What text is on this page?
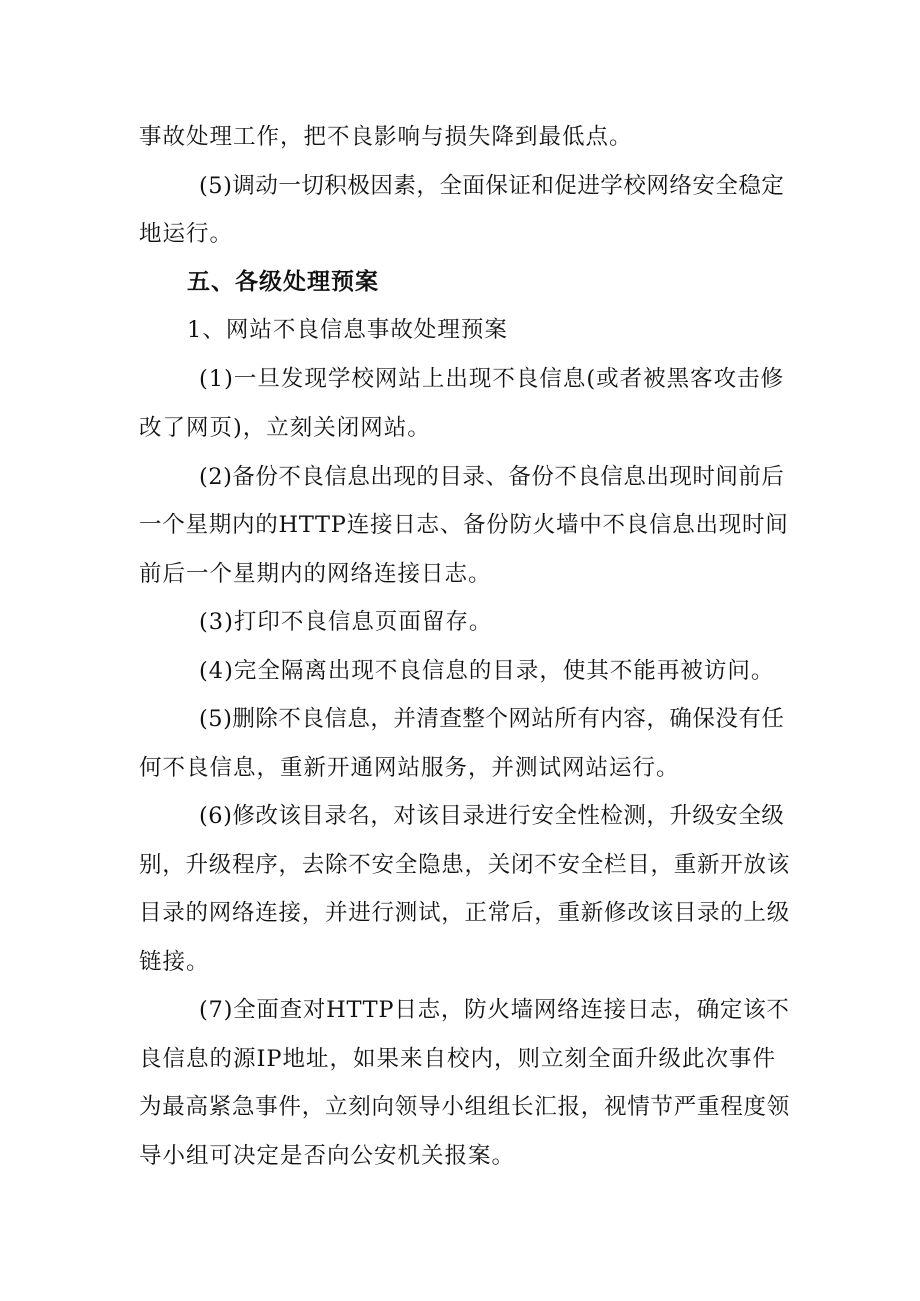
事故处理工作，把不良影响与损失降到最低点。
(5)调动一切积极因素，全面保证和促进学校网络安全稳定
地运行。
五、各级处理预案
1、网站不良信息事故处理预案
(1)一旦发现学校网站上出现不良信息(或者被黑客攻击修
改了网页)，立刻关闭网站。
(2)备份不良信息出现的目录、备份不良信息出现时间前后
一个星期内的HTTP连接日志、备份防火墙中不良信息出现时间
前后一个星期内的网络连接日志。
(3)打印不良信息页面留存。
(4)完全隔离出现不良信息的目录，使其不能再被访问。
(5)删除不良信息，并清查整个网站所有内容，确保没有任
何不良信息，重新开通网站服务，并测试网站运行。
(6)修改该目录名，对该目录进行安全性检测，升级安全级
别，升级程序，去除不安全隐患，关闭不安全栏目，重新开放该
目录的网络连接，并进行测试，正常后，重新修改该目录的上级
链接。
(7)全面查对HTTP日志，防火墙网络连接日志，确定该不
良信息的源IP地址，如果来自校内，则立刻全面升级此次事件
为最高紧急事件，立刻向领导小组组长汇报，视情节严重程度领
导小组可决定是否向公安机关报案。
